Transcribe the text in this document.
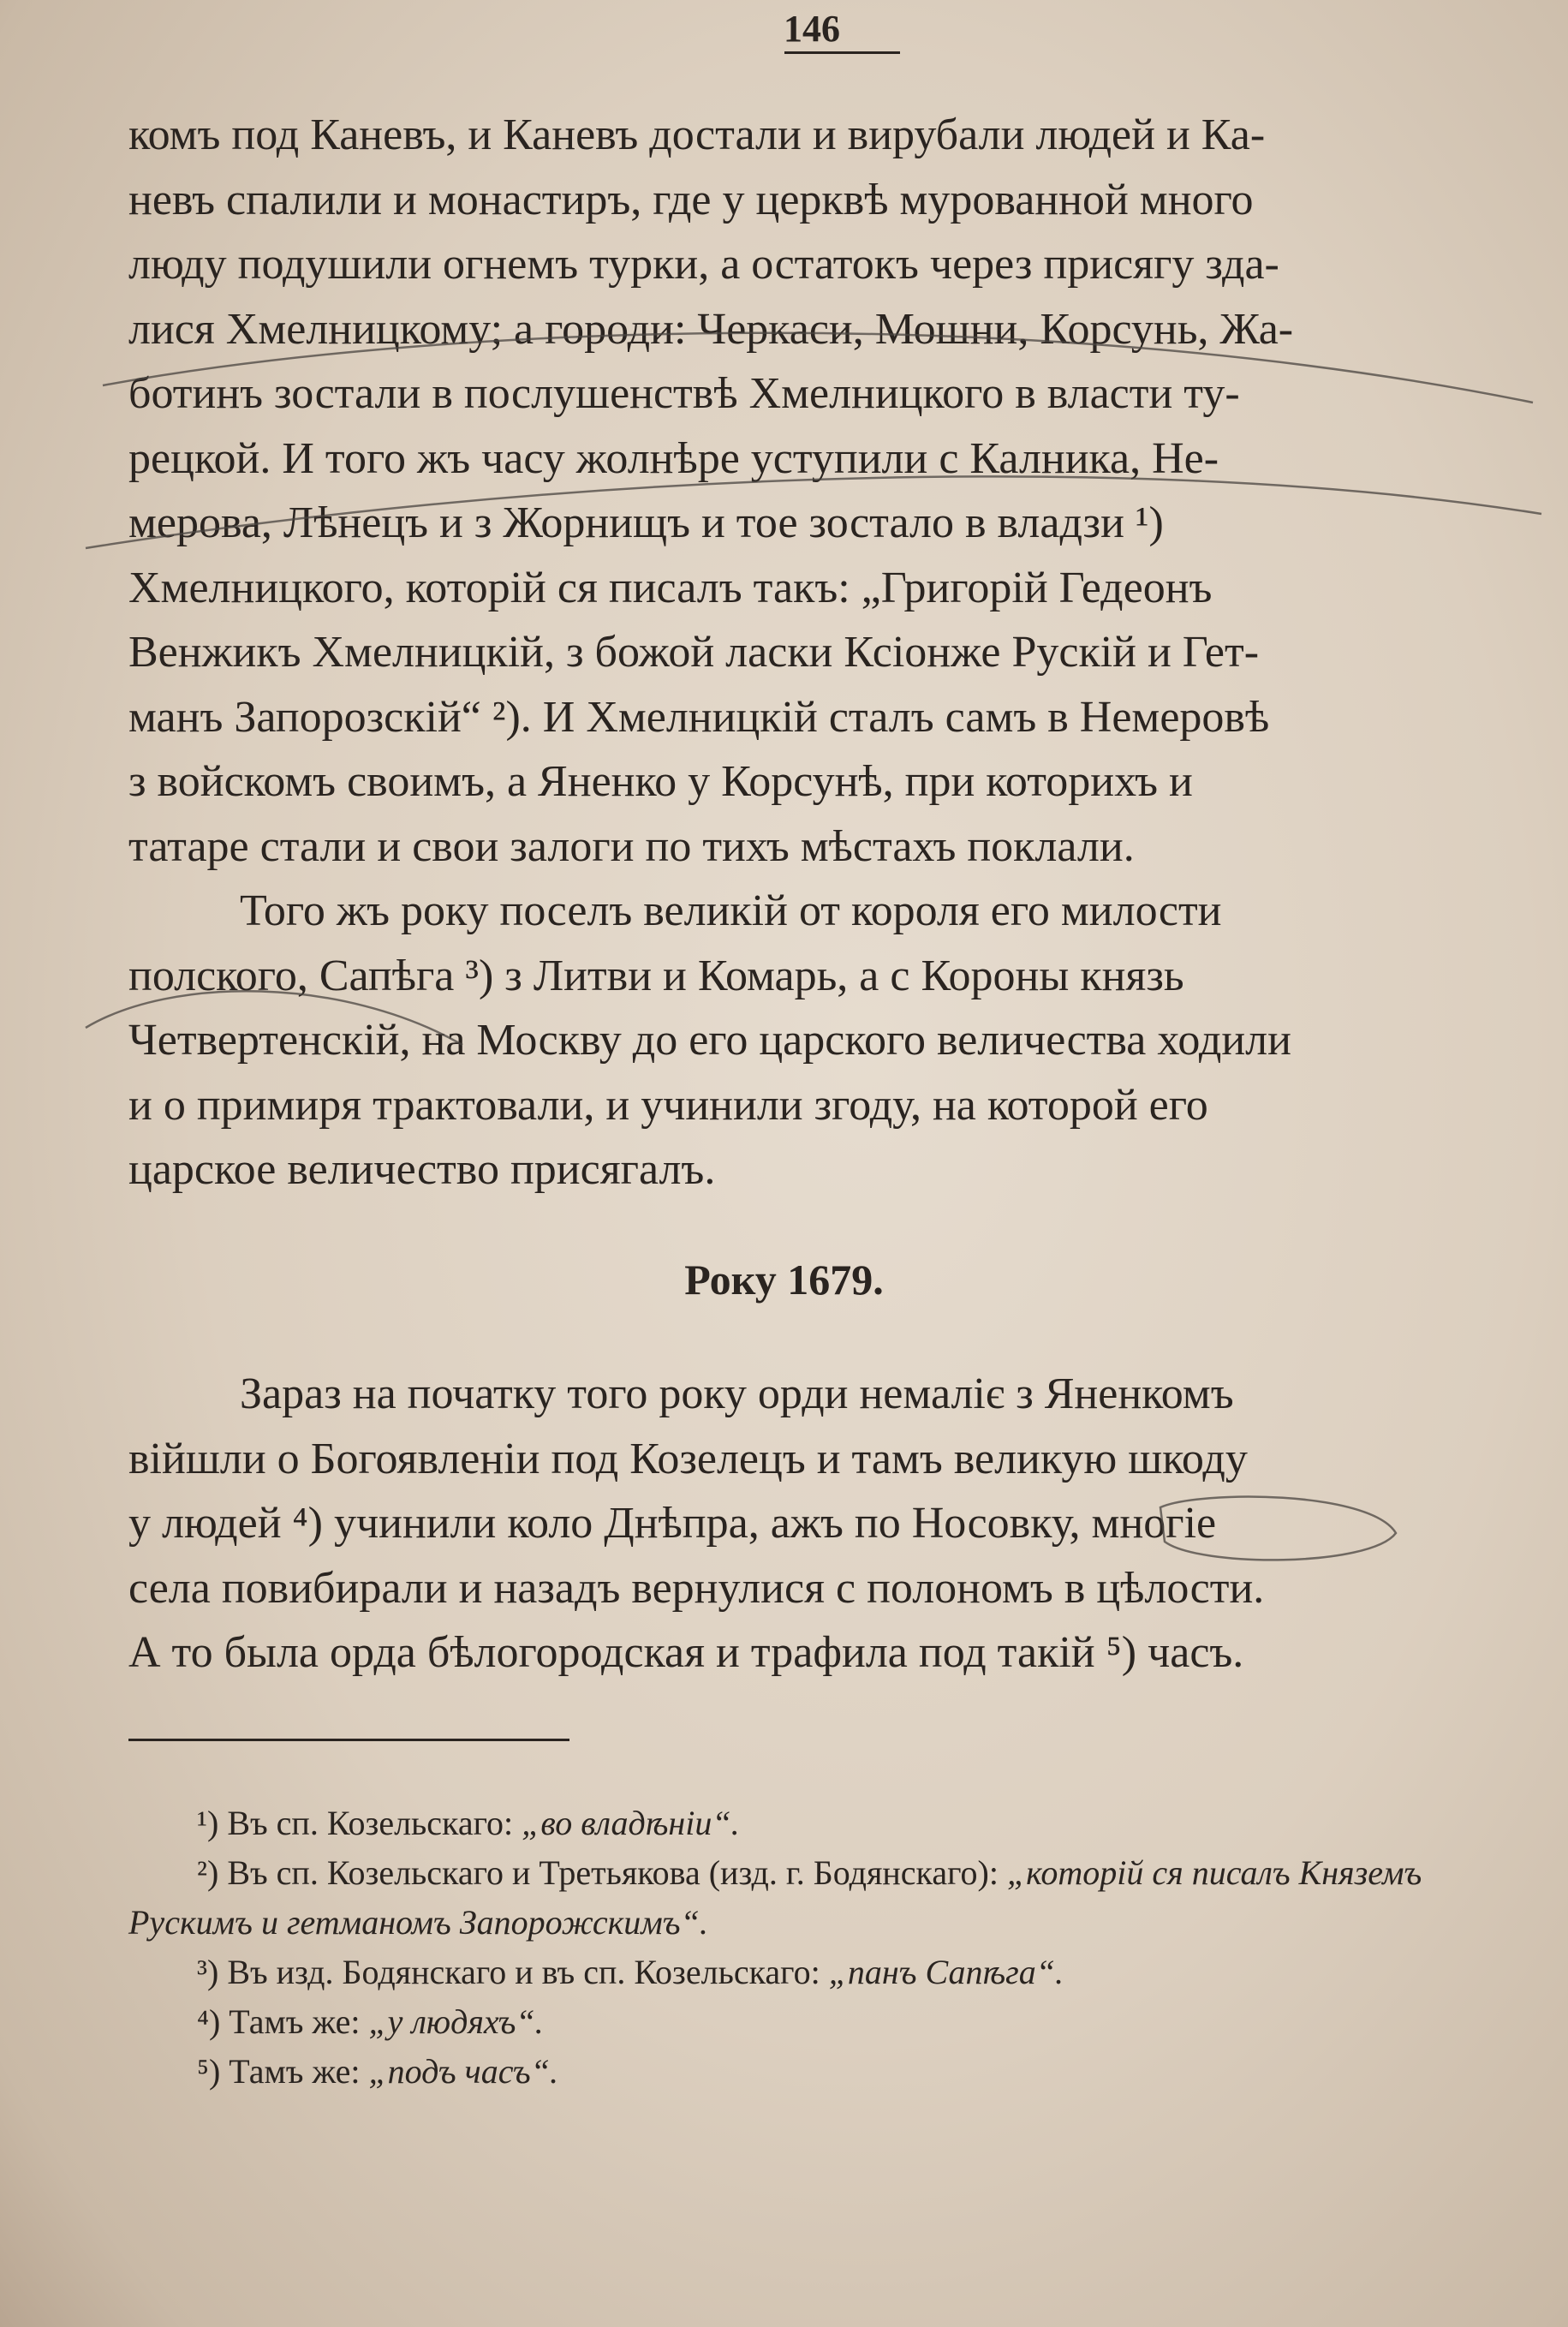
146
комъ под Каневъ, и Каневъ достали и вирубали людей и Ка-
невъ спалили и монастиръ, где у церквѣ мурованной много
люду подушили огнемъ турки, а остатокъ через присягу зда-
лися Хмелницкому; а городи: Черкаси, Мошни, Корсунь, Жа-
ботинъ зостали в послушенствѣ Хмелницкого в власти ту-
рецкой. И того жъ часу жолнѣре уступили с Калника, Не-
мерова, Лѣнецъ и з Жорнищъ и тое зостало в владзи ¹)
Хмелницкого, которій ся писалъ такъ: „Григорій Гедеонъ
Венжикъ Хмелницкій, з божой ласки Ксіонже Рускій и Гет-
манъ Запорозскій“ ²). И Хмелницкій сталъ самъ в Немеровѣ
з войскомъ своимъ, а Яненко у Корсунѣ, при которихъ и
татаре стали и свои залоги по тихъ мѣстахъ поклали.
Того жъ року поселъ великій от короля его милости
полского, Сапѣга ³) з Литви и Комарь, а с Короны князь
Четвертенскій, на Москву до его царского величества ходили
и о примиря трактовали, и учинили згоду, на которой его
царское величество присягалъ.
Року 1679.
Зараз на початку того року орди немаліє з Яненкомъ
війшли о Богоявленіи под Козелецъ и тамъ великую шкоду
у людей ⁴) учинили коло Днѣпра, ажъ по Носовку, многіе
села повибирали и назадъ вернулися с полономъ в цѣлости.
А то была орда бѣлогородская и трафила под такій ⁵) часъ.

¹) Въ сп. Козельскаго: „во владѣніи“.

²) Въ сп. Козельскаго и Третьякова (изд. г. Бодянскаго): „которій ся писалъ Княземъ Рускимъ и гетманомъ Запорожскимъ“.

³) Въ изд. Бодянскаго и въ сп. Козельскаго: „панъ Сапѣга“.

⁴) Тамъ же: „у людяхъ“.

⁵) Тамъ же: „подъ часъ“.
